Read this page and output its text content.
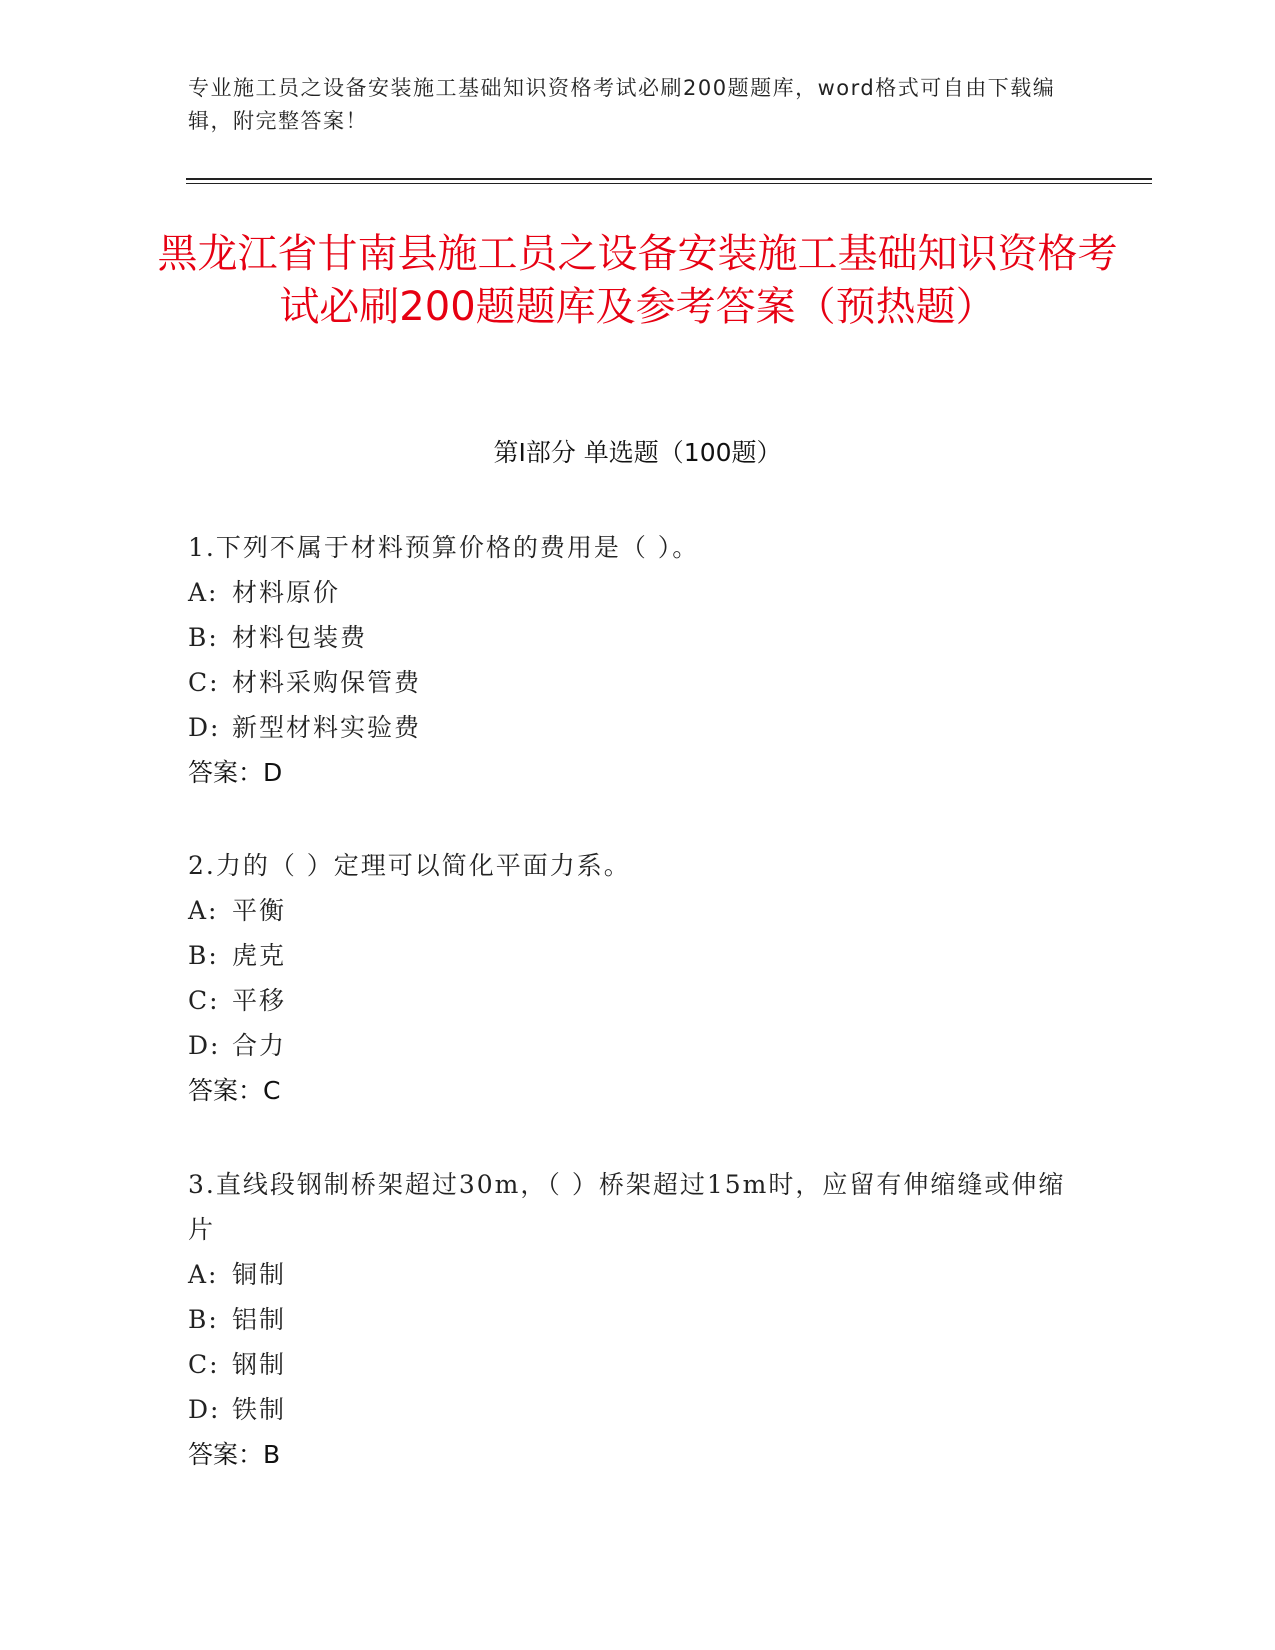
专业施工员之设备安装施工基础知识资格考试必刷200题题库，word格式可自由下载编辑，附完整答案！
黑龙江省甘南县施工员之设备安装施工基础知识资格考试必刷200题题库及参考答案（预热题）
第Ⅰ部分 单选题（100题）
1.下列不属于材料预算价格的费用是（ ）。
A: 材料原价
B: 材料包装费
C: 材料采购保管费
D: 新型材料实验费
答案：D
2.力的（ ）定理可以简化平面力系。
A: 平衡
B: 虎克
C: 平移
D: 合力
答案：C
3.直线段钢制桥架超过30m，（ ）桥架超过15m时，应留有伸缩缝或伸缩片
A: 铜制
B: 铝制
C: 钢制
D: 铁制
答案：B
